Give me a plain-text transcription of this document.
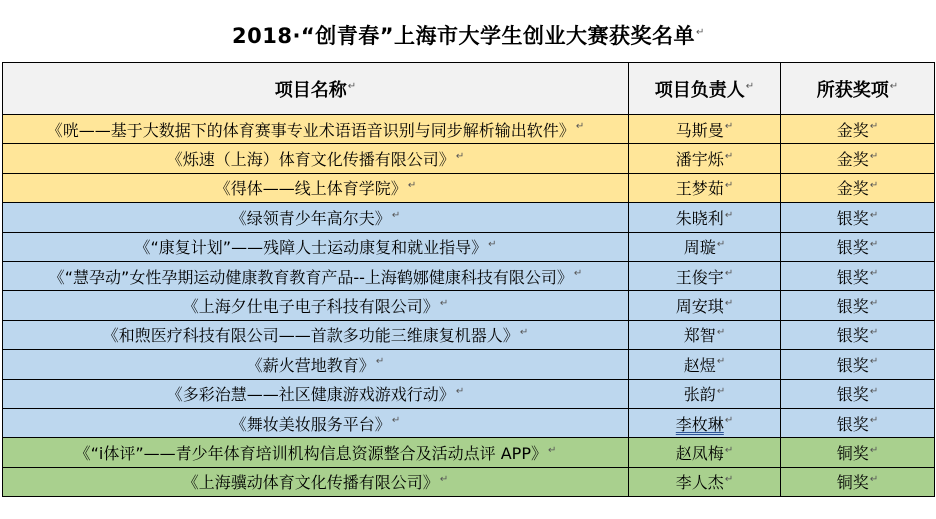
2018·“创青春”上海市大学生创业大赛获奖名单↵
项目名称↵	项目负责人↵	所获奖项↵
《咣——基于大数据下的体育赛事专业术语语音识别与同步解析输出软件》↵	马斯曼↵	金奖↵
《烁速（上海）体育文化传播有限公司》↵	潘宇烁↵	金奖↵
《得体——线上体育学院》↵	王梦茹↵	金奖↵
《绿领青少年高尔夫》↵	朱晓利↵	银奖↵
《“康复计划”——残障人士运动康复和就业指导》↵	周璇↵	银奖↵
《“慧孕动”女性孕期运动健康教育教育产品--上海鹤娜健康科技有限公司》↵	王俊宇↵	银奖↵
《上海夕仕电子电子科技有限公司》↵	周安琪↵	银奖↵
《和煦医疗科技有限公司——首款多功能三维康复机器人》↵	郑智↵	银奖↵
《薪火营地教育》↵	赵煜↵	银奖↵
《多彩治慧——社区健康游戏游戏行动》↵	张韵↵	银奖↵
《舞妆美妆服务平台》↵	李枚琳↵	银奖↵
《“i体评”——青少年体育培训机构信息资源整合及活动点评 APP》↵	赵凤梅↵	铜奖↵
《上海骥动体育文化传播有限公司》↵	李人杰↵	铜奖↵
